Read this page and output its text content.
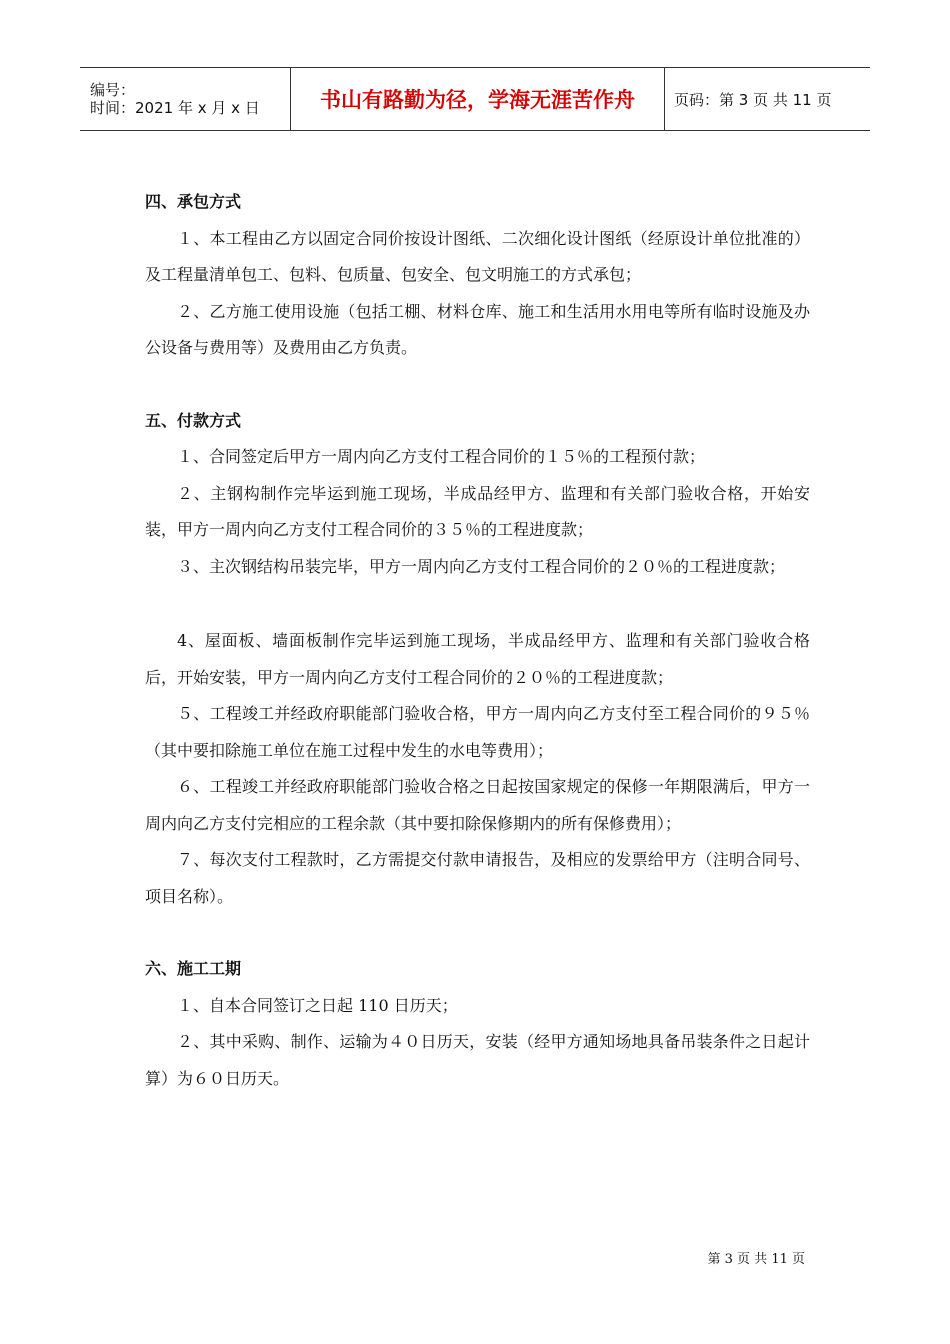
编号：
时间：2021 年 x 月 x 日	书山有路勤为径，学海无涯苦作舟	页码：第 3 页 共 11 页
四、承包方式
１、本工程由乙方以固定合同价按设计图纸、二次细化设计图纸（经原设计单位批准的）及工程量清单包工、包料、包质量、包安全、包文明施工的方式承包；
２、乙方施工使用设施（包括工棚、材料仓库、施工和生活用水用电等所有临时设施及办公设备与费用等）及费用由乙方负责。
五、付款方式
１、合同签定后甲方一周内向乙方支付工程合同价的１５％的工程预付款；
２、主钢构制作完毕运到施工现场，半成品经甲方、监理和有关部门验收合格，开始安装，甲方一周内向乙方支付工程合同价的３５％的工程进度款；
３、主次钢结构吊装完毕，甲方一周内向乙方支付工程合同价的２０％的工程进度款；
4、屋面板、墙面板制作完毕运到施工现场，半成品经甲方、监理和有关部门验收合格后，开始安装，甲方一周内向乙方支付工程合同价的２０％的工程进度款；
５、工程竣工并经政府职能部门验收合格，甲方一周内向乙方支付至工程合同价的９５％（其中要扣除施工单位在施工过程中发生的水电等费用）；
６、工程竣工并经政府职能部门验收合格之日起按国家规定的保修一年期限满后，甲方一周内向乙方支付完相应的工程余款（其中要扣除保修期内的所有保修费用）；
７、每次支付工程款时，乙方需提交付款申请报告，及相应的发票给甲方（注明合同号、项目名称）。
六、施工工期
１、自本合同签订之日起 110 日历天；
２、其中采购、制作、运输为４０日历天，安装（经甲方通知场地具备吊装条件之日起计算）为６０日历天。
第 3 页 共 11 页
